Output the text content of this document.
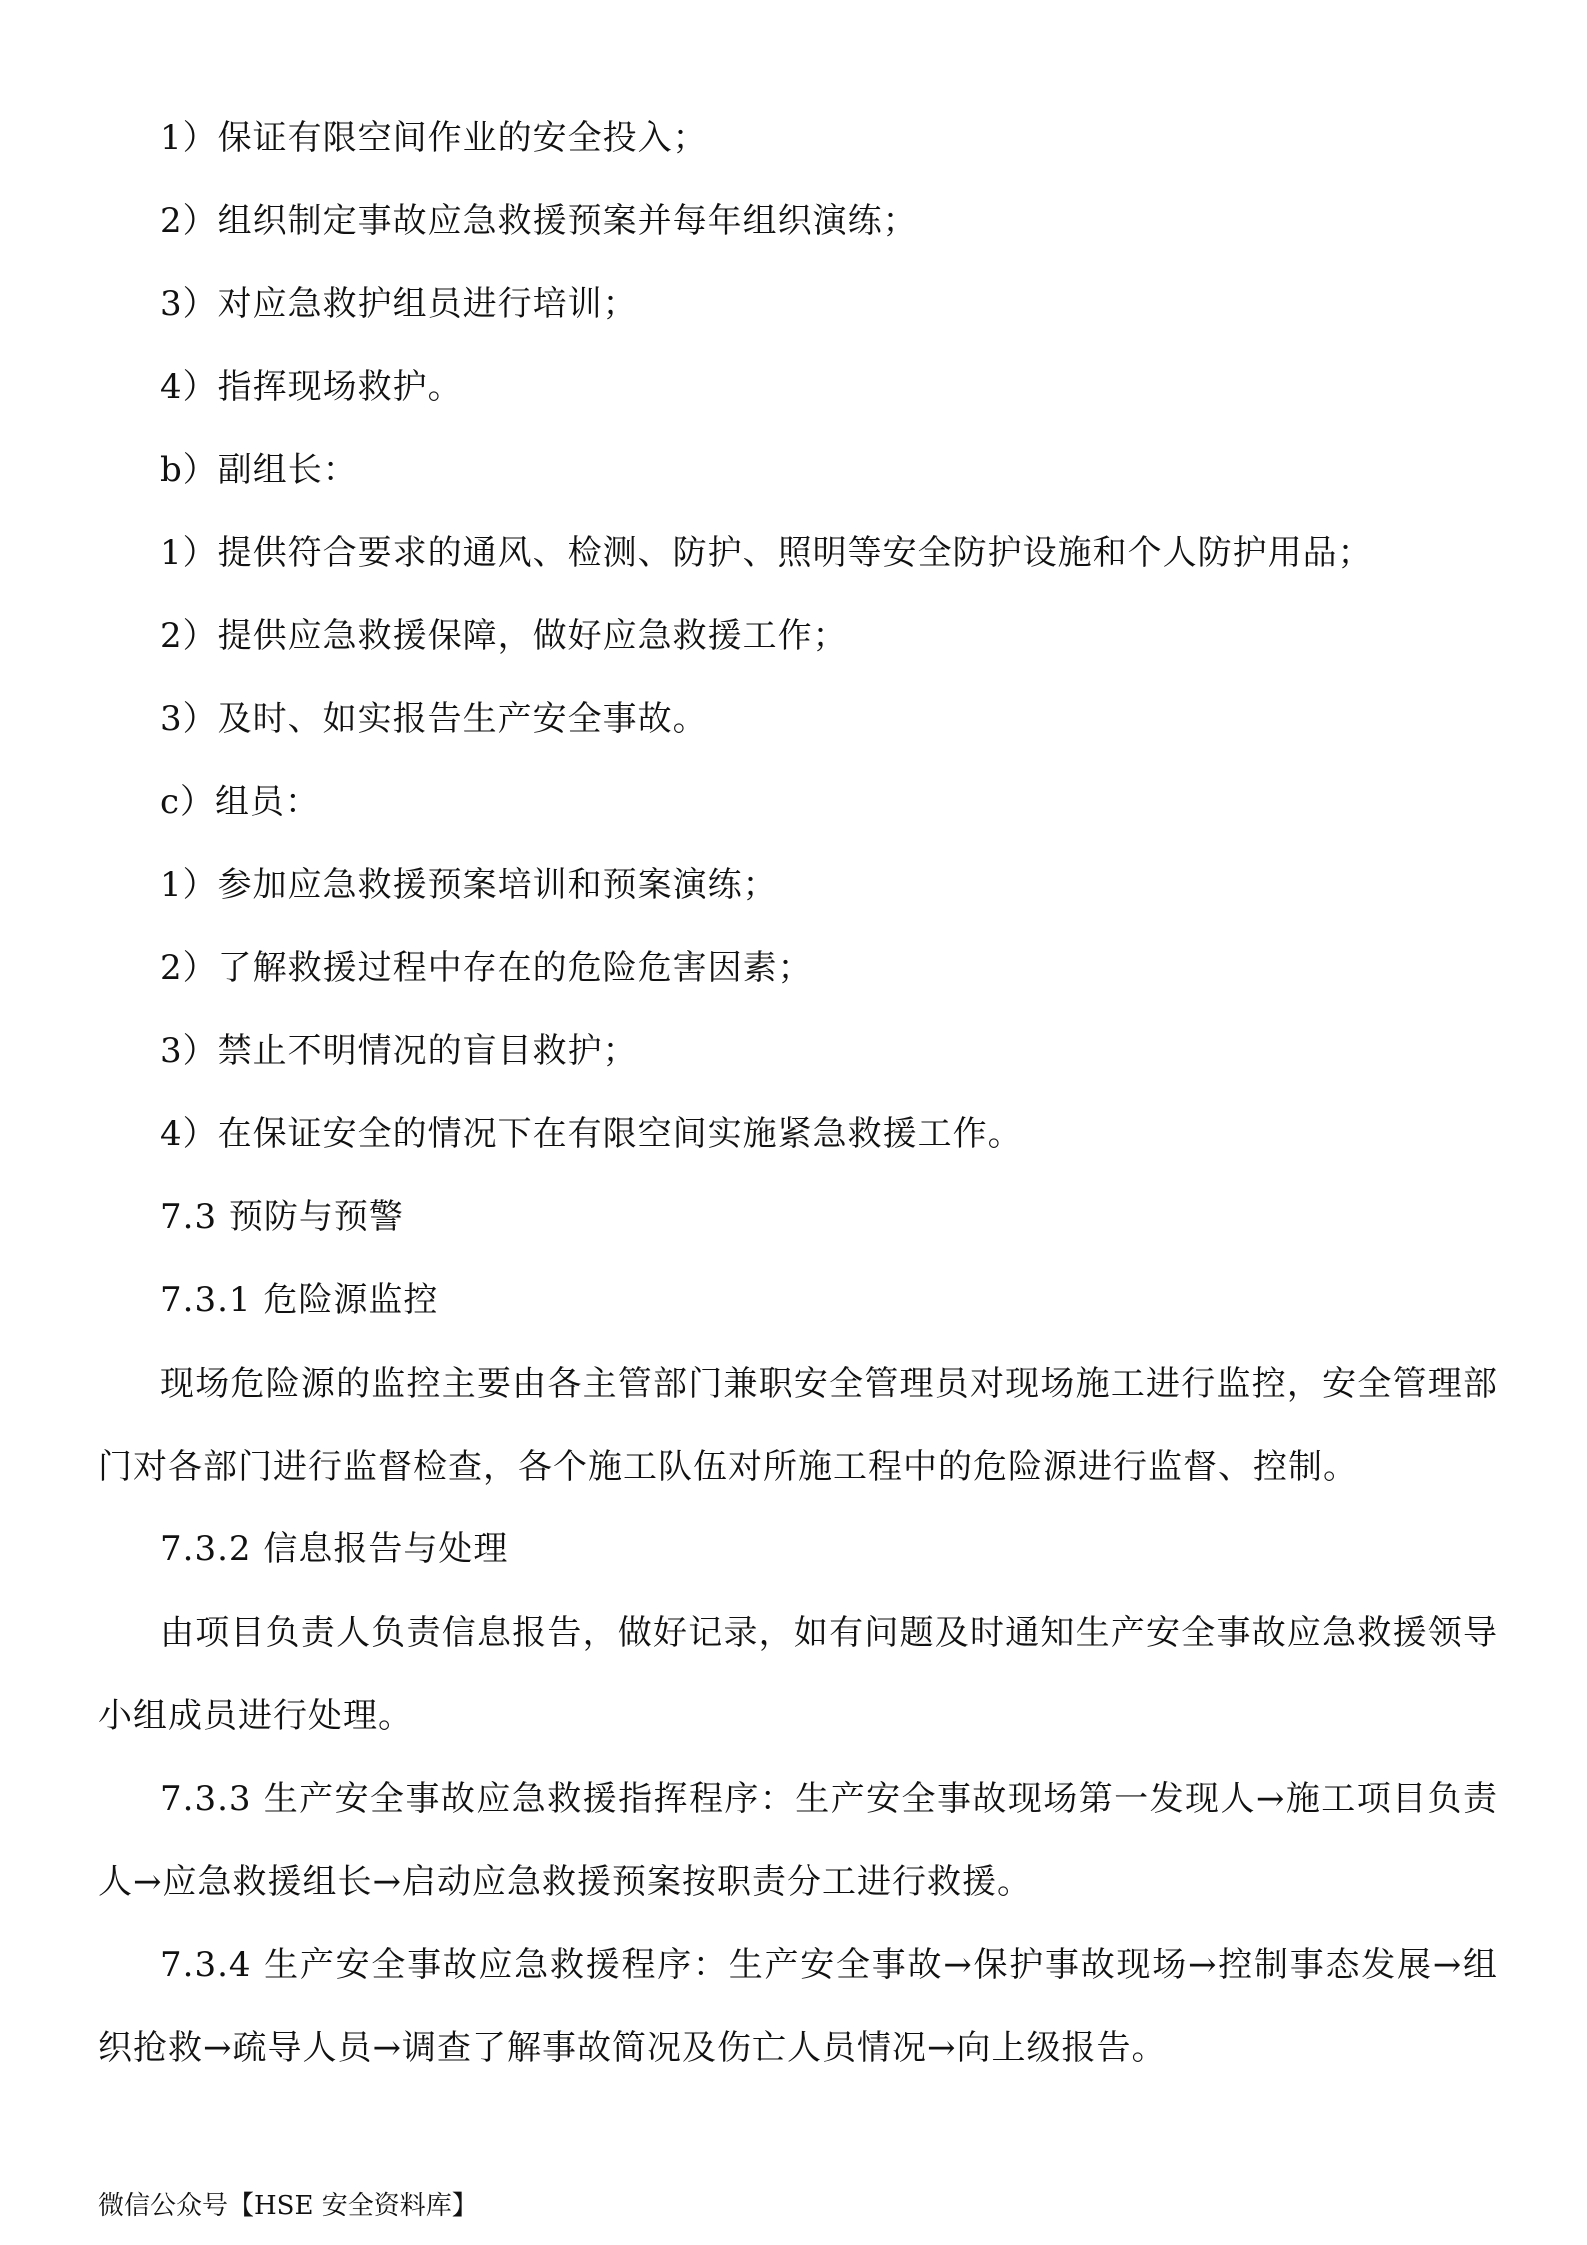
1）保证有限空间作业的安全投入；
2）组织制定事故应急救援预案并每年组织演练；
3）对应急救护组员进行培训；
4）指挥现场救护。
b）副组长：
1）提供符合要求的通风、检测、防护、照明等安全防护设施和个人防护用品；
2）提供应急救援保障，做好应急救援工作；
3）及时、如实报告生产安全事故。
c）组员：
1）参加应急救援预案培训和预案演练；
2）了解救援过程中存在的危险危害因素；
3）禁止不明情况的盲目救护；
4）在保证安全的情况下在有限空间实施紧急救援工作。
7.3 预防与预警
7.3.1 危险源监控
现场危险源的监控主要由各主管部门兼职安全管理员对现场施工进行监控，安全管理部门对各部门进行监督检查，各个施工队伍对所施工程中的危险源进行监督、控制。
7.3.2 信息报告与处理
由项目负责人负责信息报告，做好记录，如有问题及时通知生产安全事故应急救援领导小组成员进行处理。
7.3.3 生产安全事故应急救援指挥程序：生产安全事故现场第一发现人→施工项目负责人→应急救援组长→启动应急救援预案按职责分工进行救援。
7.3.4 生产安全事故应急救援程序：生产安全事故→保护事故现场→控制事态发展→组织抢救→疏导人员→调查了解事故简况及伤亡人员情况→向上级报告。
微信公众号【HSE 安全资料库】
